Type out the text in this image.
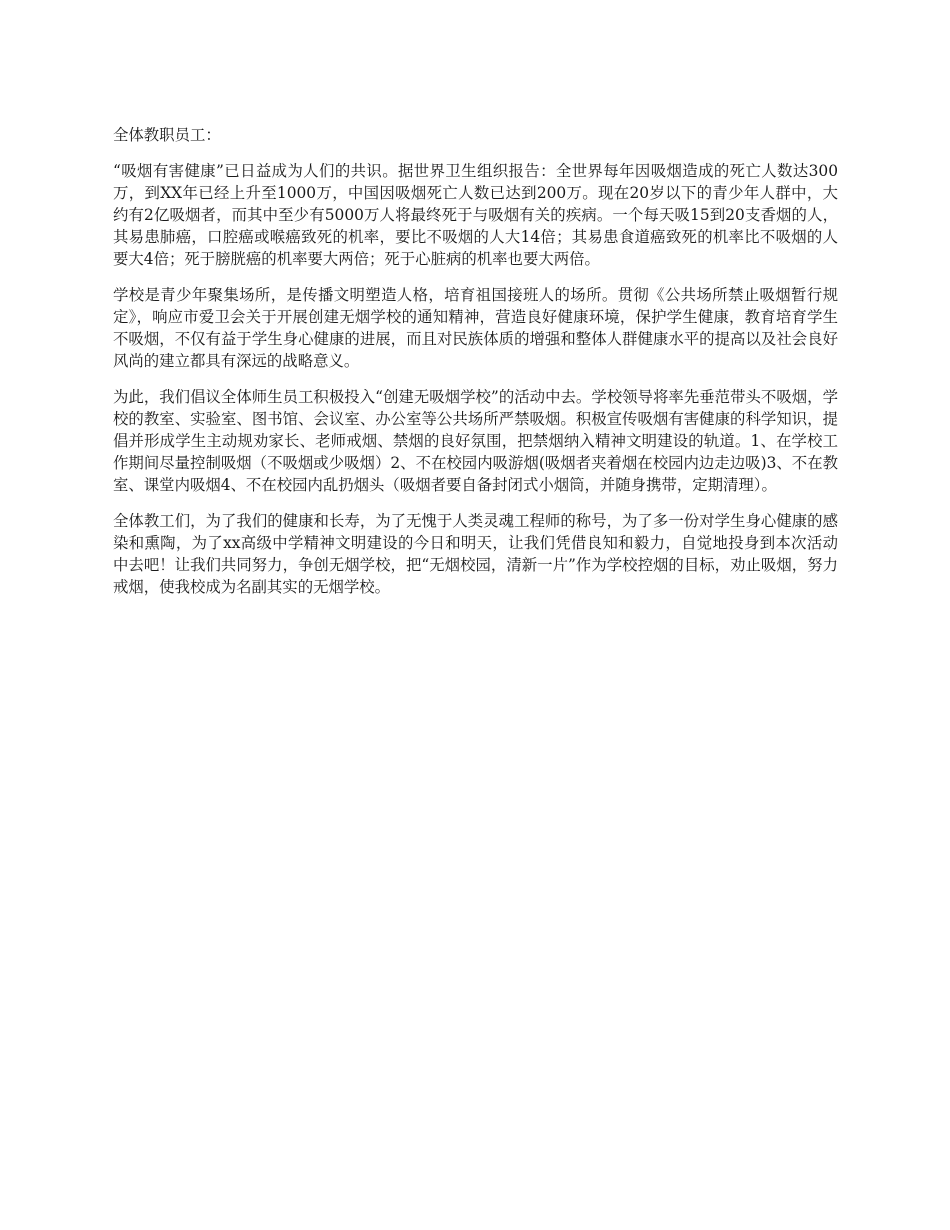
全体教职员工：

“吸烟有害健康”已日益成为人们的共识。据世界卫生组织报告：全世界每年因吸烟造成的死亡人数达300万，到XX年已经上升至1000万，中国因吸烟死亡人数已达到200万。现在20岁以下的青少年人群中，大约有2亿吸烟者，而其中至少有5000万人将最终死于与吸烟有关的疾病。一个每天吸15到20支香烟的人，其易患肺癌，口腔癌或喉癌致死的机率，要比不吸烟的人大14倍；其易患食道癌致死的机率比不吸烟的人要大4倍；死于膀胱癌的机率要大两倍；死于心脏病的机率也要大两倍。

学校是青少年聚集场所，是传播文明塑造人格，培育祖国接班人的场所。贯彻《公共场所禁止吸烟暂行规定》，响应市爱卫会关于开展创建无烟学校的通知精神，营造良好健康环境，保护学生健康，教育培育学生不吸烟，不仅有益于学生身心健康的进展，而且对民族体质的增强和整体人群健康水平的提高以及社会良好风尚的建立都具有深远的战略意义。

为此，我们倡议全体师生员工积极投入“创建无吸烟学校”的活动中去。学校领导将率先垂范带头不吸烟，学校的教室、实验室、图书馆、会议室、办公室等公共场所严禁吸烟。积极宣传吸烟有害健康的科学知识，提倡并形成学生主动规劝家长、老师戒烟、禁烟的良好氛围，把禁烟纳入精神文明建设的轨道。1、在学校工作期间尽量控制吸烟（不吸烟或少吸烟）2、不在校园内吸游烟(吸烟者夹着烟在校园内边走边吸)3、不在教室、课堂内吸烟4、不在校园内乱扔烟头（吸烟者要自备封闭式小烟筒，并随身携带，定期清理）。

全体教工们，为了我们的健康和长寿，为了无愧于人类灵魂工程师的称号，为了多一份对学生身心健康的感染和熏陶，为了xx高级中学精神文明建设的今日和明天，让我们凭借良知和毅力，自觉地投身到本次活动中去吧！让我们共同努力，争创无烟学校，把“无烟校园，清新一片”作为学校控烟的目标，劝止吸烟，努力戒烟，使我校成为名副其实的无烟学校。
